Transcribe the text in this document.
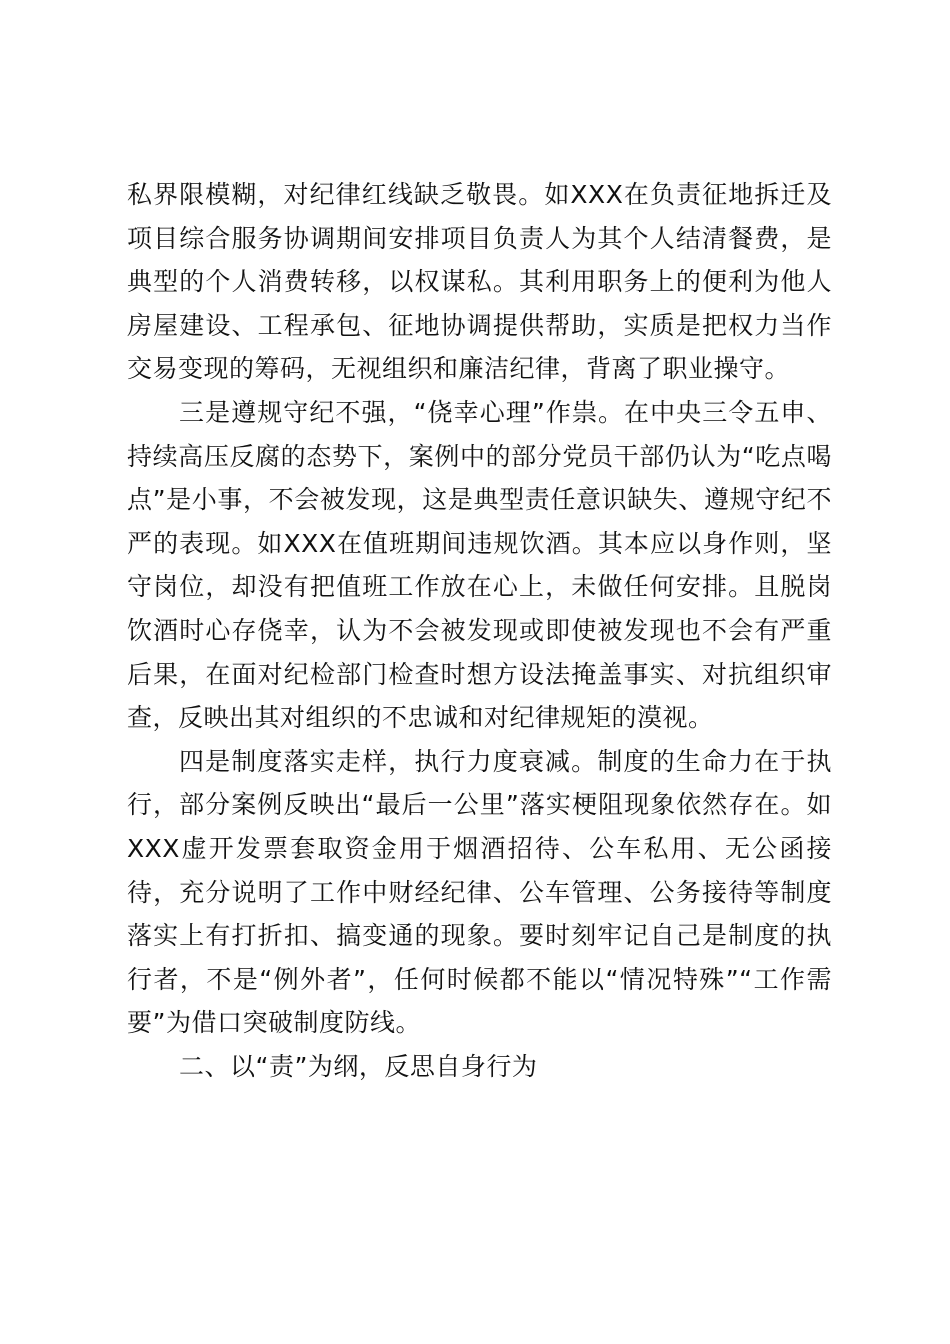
私界限模糊，对纪律红线缺乏敬畏。如XXX在负责征地拆迁及项目综合服务协调期间安排项目负责人为其个人结清餐费，是典型的个人消费转移，以权谋私。其利用职务上的便利为他人房屋建设、工程承包、征地协调提供帮助，实质是把权力当作交易变现的筹码，无视组织和廉洁纪律，背离了职业操守。

三是遵规守纪不强，“侥幸心理”作祟。在中央三令五申、持续高压反腐的态势下，案例中的部分党员干部仍认为“吃点喝点”是小事，不会被发现，这是典型责任意识缺失、遵规守纪不严的表现。如XXX在值班期间违规饮酒。其本应以身作则，坚守岗位，却没有把值班工作放在心上，未做任何安排。且脱岗饮酒时心存侥幸，认为不会被发现或即使被发现也不会有严重后果，在面对纪检部门检查时想方设法掩盖事实、对抗组织审查，反映出其对组织的不忠诚和对纪律规矩的漠视。

四是制度落实走样，执行力度衰减。制度的生命力在于执行，部分案例反映出“最后一公里”落实梗阻现象依然存在。如XXX虚开发票套取资金用于烟酒招待、公车私用、无公函接待，充分说明了工作中财经纪律、公车管理、公务接待等制度落实上有打折扣、搞变通的现象。要时刻牢记自己是制度的执行者，不是“例外者”，任何时候都不能以“情况特殊”“工作需要”为借口突破制度防线。

二、以“责”为纲，反思自身行为
